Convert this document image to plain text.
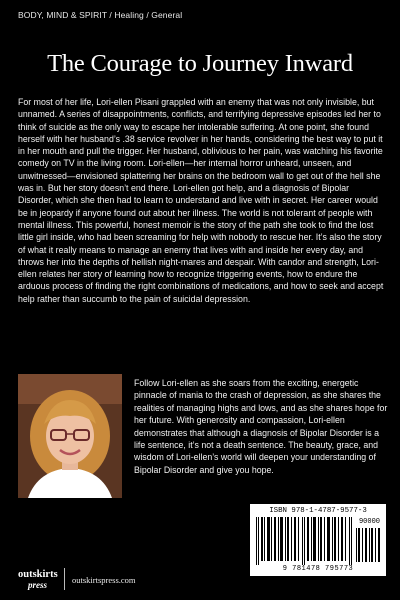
BODY, MIND & SPIRIT / Healing / General
The Courage to Journey Inward

For most of her life, Lori-ellen Pisani grappled with an enemy that was not only invisible, but unnamed. A series of disappointments, conflicts, and terrifying depressive episodes led her to think of suicide as the only way to escape her intolerable suffering. At one point, she found herself with her husband’s .38 service revolver in her hands, considering the best way to put it in her mouth and pull the trigger. Her husband, oblivious to her pain, was watching his favorite comedy on TV in the living room. Lori-ellen—her internal horror unheard, unseen, and unwitnessed—envisioned splattering her brains on the bedroom wall to get out of the hell she was in. But her story doesn’t end there. Lori-ellen got help, and a diagnosis of Bipolar Disorder, which she then had to learn to understand and live with in secret. Her career would be in jeopardy if anyone found out about her illness. The world is not tolerant of people with mental illness. This powerful, honest memoir is the story of the path she took to find the lost little girl inside, who had been screaming for help with nobody to rescue her. It’s also the story of what it really means to manage an enemy that lives with and inside her every day, and throws her into the depths of hellish night-mares and despair. With candor and strength, Lori-ellen relates her story of learning how to recognize triggering events, how to endure the arduous process of finding the right combinations of medications, and how to seek and accept help rather than succumb to the pain of suicidal depression.

Follow Lori-ellen as she soars from the exciting, energetic pinnacle of mania to the crash of depression, as she shares the realities of managing highs and lows, and as she shares hope for her future. With generosity and compassion, Lori-ellen demonstrates that although a diagnosis of Bipolar Disorder is a life sentence, it’s not a death sentence. The beauty, grace, and wisdom of Lori-ellen’s world will deepen your understanding of Bipolar Disorder and give you hope.

ISBN 978-1-4787-9577-3
90000
9 781478 795773
outskirts
press	outskirtspress.com
